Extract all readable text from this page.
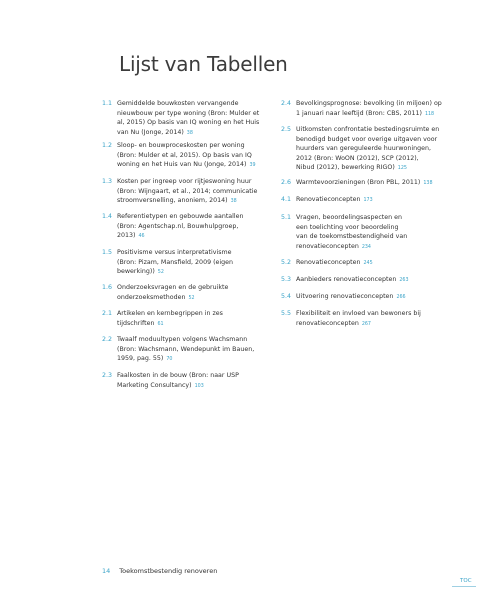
Lijst van Tabellen
1.1 Gemiddelde bouwkosten vervangende
nieuwbouw per type woning (Bron: Mulder et
al, 2015) Op basis van IQ woning en het Huis
van Nu (Jonge, 2014) 38
1.2 Sloop- en bouwproceskosten per woning
(Bron: Mulder et al, 2015). Op basis van IQ
woning en het Huis van Nu (Jonge, 2014) 39
1.3 Kosten per ingreep voor rijtjeswoning huur
(Bron: Wijngaart, et al., 2014; communicatie
stroomversnelling, anoniem, 2014) 38
1.4 Referentietypen en gebouwde aantallen
(Bron: Agentschap.nl, Bouwhulpgroep,
2013) 46
1.5 Positivisme versus interpretativisme
(Bron: Pizam, Mansfield, 2009 (eigen
bewerking)) 52
1.6 Onderzoeksvragen en de gebruikte
onderzoeksmethoden 52
2.1 Artikelen en kernbegrippen in zes
tijdschriften 61
2.2 Twaalf moduultypen volgens Wachsmann
(Bron: Wachsmann, Wendepunkt im Bauen,
1959, pag. 55) 70
2.3 Faalkosten in de bouw (Bron: naar USP
Marketing Consultancy) 103
2.4 Bevolkingsprognose: bevolking (in miljoen) op
1 januari naar leeftijd (Bron: CBS, 2011) 118
2.5 Uitkomsten confrontatie bestedingsruimte en
benodigd budget voor overige uitgaven voor
huurders van gereguleerde huurwoningen,
2012 (Bron: WoON (2012), SCP (2012),
Nibud (2012), bewerking RIGO) 125
2.6 Warmtevoorzieningen (Bron PBL, 2011) 138
4.1 Renovatieconcepten 173
5.1 Vragen, beoordelingsaspecten en
een toelichting voor beoordeling
van de toekomstbestendigheid van
renovatieconcepten 234
5.2 Renovatieconcepten 245
5.3 Aanbieders renovatieconcepten 263
5.4 Uitvoering renovatieconcepten 266
5.5 Flexibiliteit en invloed van bewoners bij
renovatieconcepten 267
14 Toekomstbestendig renoveren
TOC
